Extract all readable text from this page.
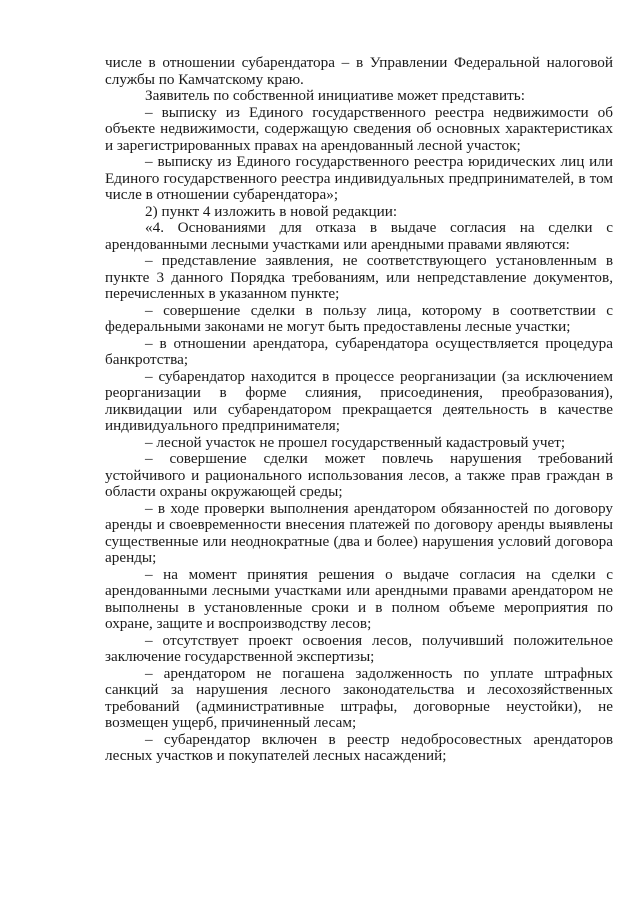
числе в отношении субарендатора – в Управлении Федеральной налоговой службы по Камчатскому краю.

Заявитель по собственной инициативе может представить:

– выписку из Единого государственного реестра недвижимости об объекте недвижимости, содержащую сведения об основных характеристиках и зарегистрированных правах на арендованный лесной участок;

– выписку из Единого государственного реестра юридических лиц или Единого государственного реестра индивидуальных предпринимателей, в том числе в отношении субарендатора»;

2) пункт 4 изложить в новой редакции:

«4. Основаниями для отказа в выдаче согласия на сделки с арендованными лесными участками или арендными правами являются:

– представление заявления, не соответствующего установленным в пункте 3 данного Порядка требованиям, или непредставление документов, перечисленных в указанном пункте;

– совершение сделки в пользу лица, которому в соответствии с федеральными законами не могут быть предоставлены лесные участки;

– в отношении арендатора, субарендатора осуществляется процедура банкротства;

– субарендатор находится в процессе реорганизации (за исключением реорганизации в форме слияния, присоединения, преобразования), ликвидации или субарендатором прекращается деятельность в качестве индивидуального предпринимателя;

– лесной участок не прошел государственный кадастровый учет;

– совершение сделки может повлечь нарушения требований устойчивого и рационального использования лесов, а также прав граждан в области охраны окружающей среды;

– в ходе проверки выполнения арендатором обязанностей по договору аренды и своевременности внесения платежей по договору аренды выявлены существенные или неоднократные (два и более) нарушения условий договора аренды;

– на момент принятия решения о выдаче согласия на сделки с арендованными лесными участками или арендными правами арендатором не выполнены в установленные сроки и в полном объеме мероприятия по охране, защите и воспроизводству лесов;

– отсутствует проект освоения лесов, получивший положительное заключение государственной экспертизы;

– арендатором не погашена задолженность по уплате штрафных санкций за нарушения лесного законодательства и лесохозяйственных требований (административные штрафы, договорные неустойки), не возмещен ущерб, причиненный лесам;

– субарендатор включен в реестр недобросовестных арендаторов лесных участков и покупателей лесных насаждений;
